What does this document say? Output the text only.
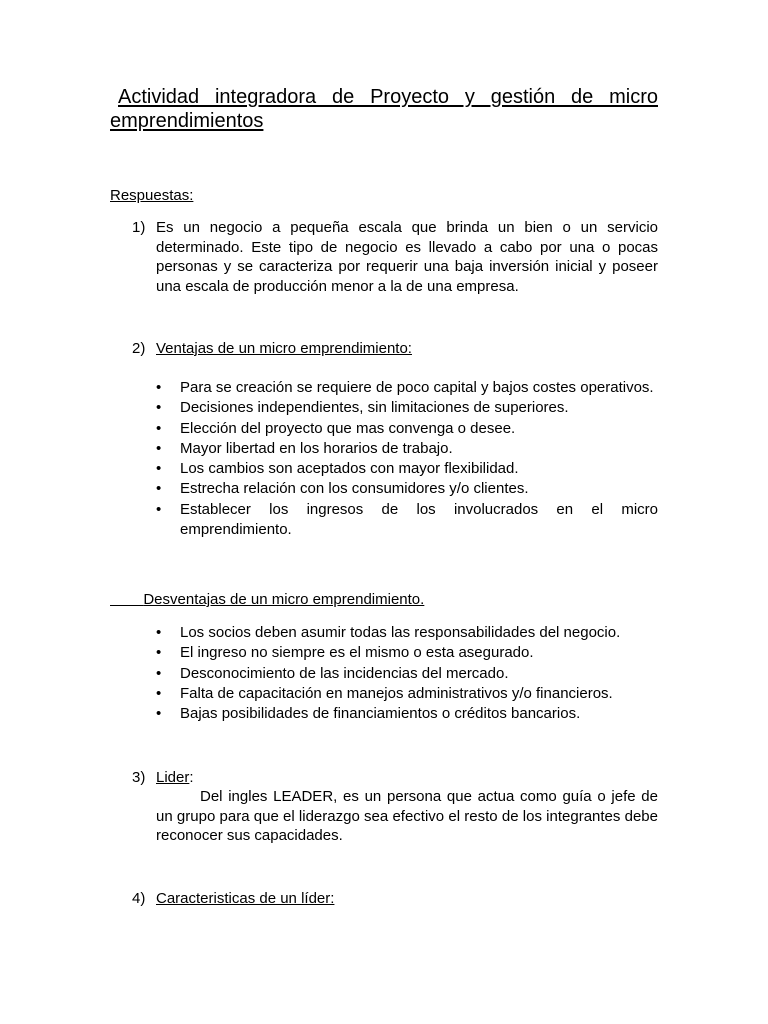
Actividad integradora de Proyecto y gestión de micro
emprendimientos

Respuestas:

1) Es un negocio a pequeña escala que brinda un bien o un servicio determinado. Este tipo de negocio es llevado a cabo por una o pocas personas y se caracteriza por requerir una baja inversión inicial y poseer una escala de producción menor a la de una empresa.

2) Ventajas de un micro emprendimiento:

• Para se creación se requiere de poco capital y bajos costes operativos.
• Decisiones independientes, sin limitaciones de superiores.
• Elección del proyecto que mas convenga o desee.
• Mayor libertad en los horarios de trabajo.
• Los cambios son aceptados con mayor flexibilidad.
• Estrecha relación con los consumidores y/o clientes.
• Establecer los ingresos de los involucrados en el micro emprendimiento.

Desventajas de un micro emprendimiento.

• Los socios deben asumir todas las responsabilidades del negocio.
• El ingreso no siempre es el mismo o esta asegurado.
• Desconocimiento de las incidencias del mercado.
• Falta de capacitación en manejos administrativos y/o financieros.
• Bajas posibilidades de financiamientos o créditos bancarios.
3) Lider:

Del ingles LEADER, es un persona que actua como guía o jefe de un grupo para que el liderazgo sea efectivo el resto de los integrantes debe reconocer sus capacidades.

4) Caracteristicas de un líder:
